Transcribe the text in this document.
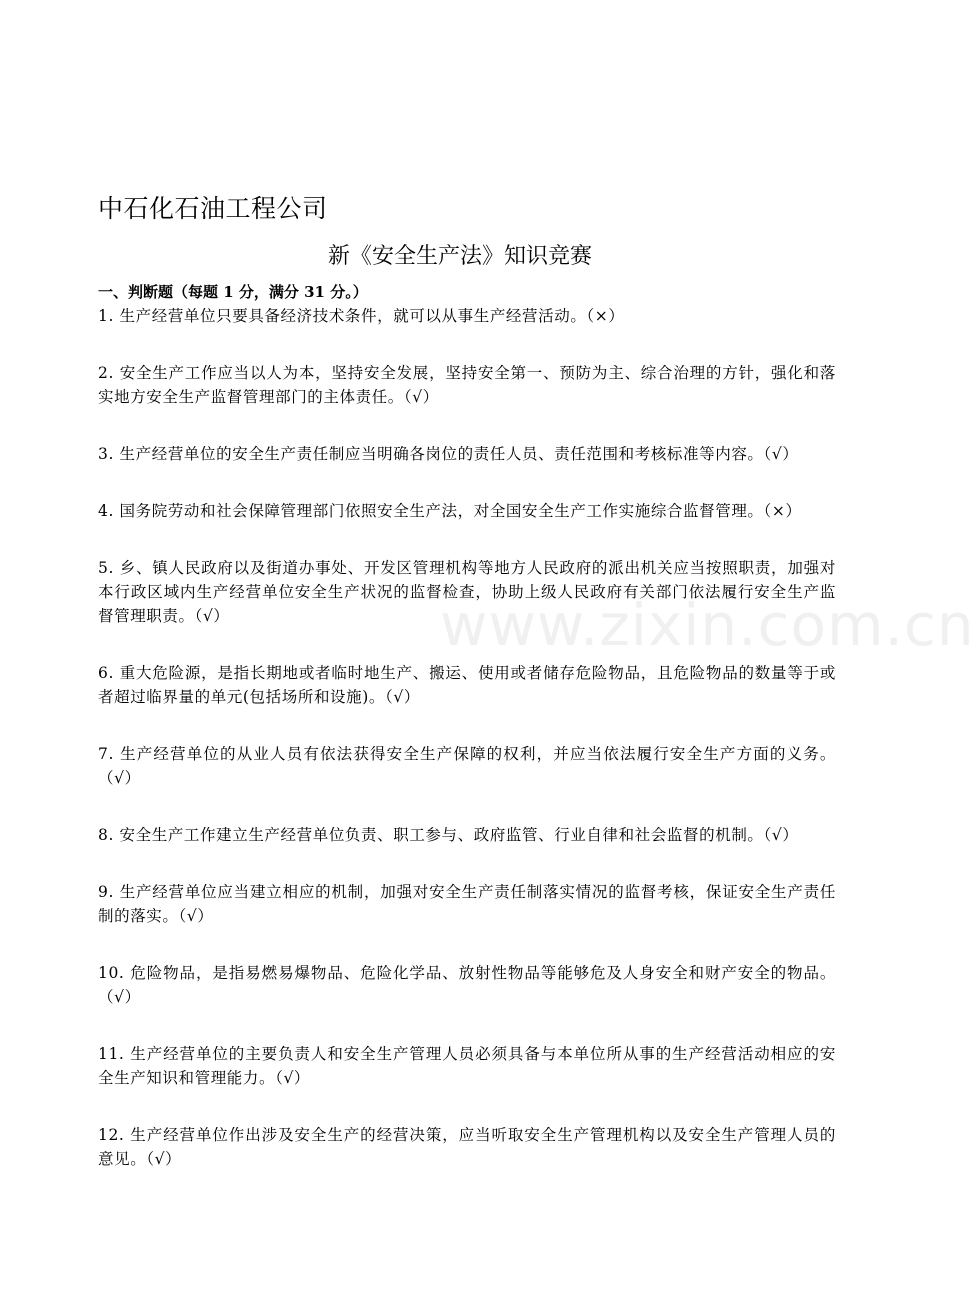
www.zixin.com.cn
中石化石油工程公司
新《安全生产法》知识竞赛
一、判断题（每题 1 分，满分 31 分。）
1. 生产经营单位只要具备经济技术条件，就可以从事生产经营活动。（×）
2. 安全生产工作应当以人为本，坚持安全发展，坚持安全第一、预防为主、综合治理的方针，强化和落实地方安全生产监督管理部门的主体责任。（√）
3. 生产经营单位的安全生产责任制应当明确各岗位的责任人员、责任范围和考核标准等内容。（√）
4. 国务院劳动和社会保障管理部门依照安全生产法，对全国安全生产工作实施综合监督管理。（×）
5. 乡、镇人民政府以及街道办事处、开发区管理机构等地方人民政府的派出机关应当按照职责，加强对本行政区域内生产经营单位安全生产状况的监督检查，协助上级人民政府有关部门依法履行安全生产监督管理职责。（√）
6. 重大危险源，是指长期地或者临时地生产、搬运、使用或者储存危险物品，且危险物品的数量等于或者超过临界量的单元(包括场所和设施)。（√）
7. 生产经营单位的从业人员有依法获得安全生产保障的权利，并应当依法履行安全生产方面的义务。（√）
8. 安全生产工作建立生产经营单位负责、职工参与、政府监管、行业自律和社会监督的机制。（√）
9. 生产经营单位应当建立相应的机制，加强对安全生产责任制落实情况的监督考核，保证安全生产责任制的落实。（√）
10. 危险物品，是指易燃易爆物品、危险化学品、放射性物品等能够危及人身安全和财产安全的物品。（√）
11. 生产经营单位的主要负责人和安全生产管理人员必须具备与本单位所从事的生产经营活动相应的安全生产知识和管理能力。（√）
12. 生产经营单位作出涉及安全生产的经营决策，应当听取安全生产管理机构以及安全生产管理人员的意见。（√）
